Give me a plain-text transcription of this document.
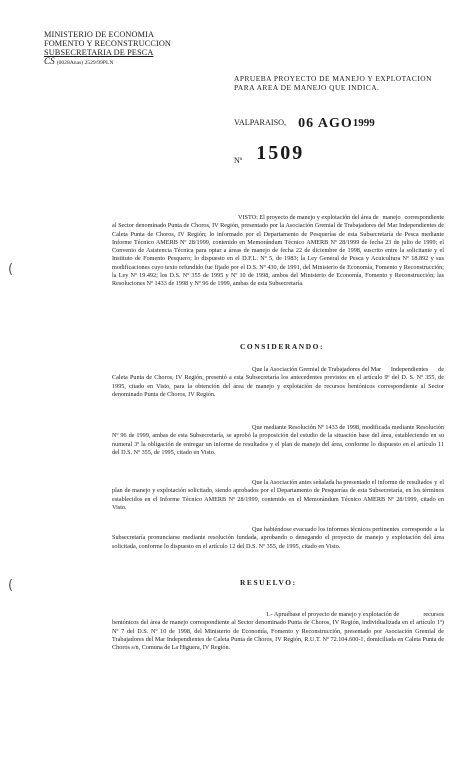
MINISTERIO DE ECONOMIA
FOMENTO Y RECONSTRUCCION
SUBSECRETARIA DE PESCA
CS (0028Anas) 2529/99PLN
APRUEBA PROYECTO DE MANEJO Y EXPLOTACION
PARA AREA DE MANEJO QUE INDICA.
VALPARAISO, 06 AGO1999
$_{Nº}$ 1509
VISTO: El proyecto de manejo y explotación del área de manejo correspondiente al Sector denominado Punta de Choros, IV Región, presentado por la Asociación Gremial de Trabajadores del Mar Independientes de Caleta Punta de Choros, IV Región; lo informado por el Departamento de Pesquerías de esta Subsecretaría de Pesca mediante Informe Técnico AMERB Nº 28/1999, contenido en Memorándum Técnico AMERB Nº 28/1999 de fecha 23 de julio de 1999; el Convenio de Asistencia Técnica para optar a áreas de manejo de fecha 22 de diciembre de 1998, suscrito entre la solicitante y el Instituto de Fomento Pesquero; lo dispuesto en el D.F.L. Nº 5, de 1983; la Ley General de Pesca y Acuicultura Nº 18.892 y sus modificaciones cuyo texto refundido fue fijado por el D.S. Nº 430, de 1991, del Ministerio de Economía, Fomento y Reconstrucción; la Ley Nº 19.492; los D.S. Nº 355 de 1995 y Nº 10 de 1998, ambos del Ministerio de Economía, Fomento y Reconstrucción; las Resoluciones Nº 1433 de 1998 y Nº 96 de 1999, ambas de esta Subsecretaría.
CONSIDERANDO:
Que la Asociación Gremial de Trabajadores del Mar Independientes de Caleta Punta de Choros, IV Región, presentó a esta Subsecretaría los antecedentes previstos en el artículo 9º del D. S. Nº 355, de 1995, citado en Visto, para la obtención del área de manejo y explotación de recursos bentónicos correspondiente al Sector denominado Punta de Choros, IV Región.
Que mediante Resolución Nº 1433 de 1998, modificada mediante Resolución Nº 96 de 1999, ambas de esta Subsecretaría, se aprobó la proposición del estudio de la situación base del área, estableciendo en su numeral 3º la obligación de entregar un informe de resultados y el plan de manejo del área, conforme lo dispuesto en el artículo 11 del D.S. Nº 355, de 1995, citado en Visto.
Que la Asociación antes señalada ha presentado el informe de resultados y el plan de manejo y explotación solicitado, siendo aprobados por el Departamento de Pesquerías de esta Subsecretaría, en los términos establecidos en el Informe Técnico AMERB Nº 28/1999, contenido en el Memorándum Técnico AMERB Nº 28/1999, citado en Visto.
Que habiéndose evacuado los informes técnicos pertinentes corresponde a la Subsecretaría pronunciarse mediante resolución fundada, aprobando o denegando el proyecto de manejo y explotación del área solicitada, conforme lo dispuesto en el artículo 12 del D.S. Nº 355, de 1995, citado en Visto.
RESUELVO:
1.- Apruébase el proyecto de manejo y explotación de	recursos bentónicos del área de manejo correspondiente al Sector denominado Punta de Choros, IV Región, individualizada en el artículo 1º) Nº 7 del D.S. Nº 10 de 1998, del Ministerio de Economía, Fomento y Reconstrucción, presentado por Asociación Gremial de Trabajadores del Mar Independientes de Caleta Punta de Choros, IV Región, R.U.T. Nº 72.104.600-1, domiciliada en Caleta Punta de Choros s/n, Comuna de La Higuera, IV Región.
(
(
